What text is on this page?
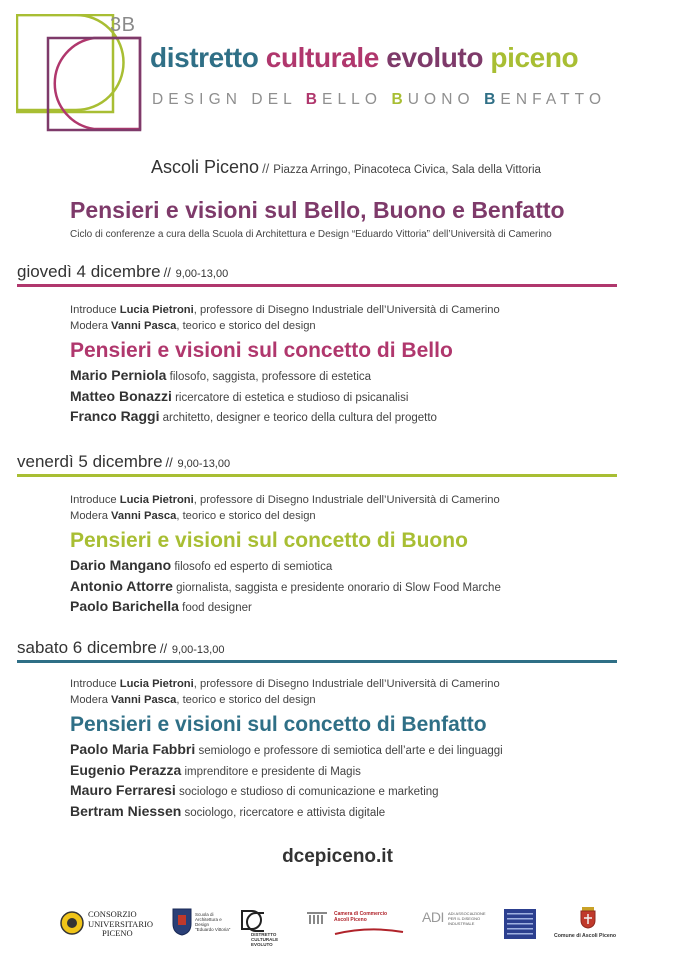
3B
distretto culturale evoluto piceno
DESIGN DEL BELLO BUONO BENFATTO
Ascoli Piceno // Piazza Arringo, Pinacoteca Civica, Sala della Vittoria
Pensieri e visioni sul Bello, Buono e Benfatto
Ciclo di conferenze a cura della Scuola di Architettura e Design “Eduardo Vittoria” dell’Università di Camerino
giovedì 4 dicembre // 9,00-13,00
Introduce Lucia Pietroni, professore di Disegno Industriale dell’Università di Camerino
Modera Vanni Pasca, teorico e storico del design
Pensieri e visioni sul concetto di Bello
Mario Perniola filosofo, saggista, professore di estetica
Matteo Bonazzi ricercatore di estetica e studioso di psicanalisi
Franco Raggi architetto, designer e teorico della cultura del progetto
venerdì 5 dicembre // 9,00-13,00
Introduce Lucia Pietroni, professore di Disegno Industriale dell’Università di Camerino
Modera Vanni Pasca, teorico e storico del design
Pensieri e visioni sul concetto di Buono
Dario Mangano filosofo ed esperto di semiotica
Antonio Attorre giornalista, saggista e presidente onorario di Slow Food Marche
Paolo Barichella food designer
sabato 6 dicembre // 9,00-13,00
Introduce Lucia Pietroni, professore di Disegno Industriale dell’Università di Camerino
Modera Vanni Pasca, teorico e storico del design
Pensieri e visioni sul concetto di Benfatto
Paolo Maria Fabbri semiologo e professore di semiotica dell’arte e dei linguaggi
Eugenio Perazza imprenditore e presidente di Magis
Mauro Ferraresi sociologo e studioso di comunicazione e marketing
Bertram Niessen sociologo, ricercatore e attivista digitale
dcepiceno.it
CONSORZIO
UNIVERSITARIO
PICENO
Scuola di
Architettura e
Design
"Eduardo Vittoria"
DISTRETTO
CULTURALE
EVOLUTO
Camera di Commercio
Ascoli Piceno	ADI ADI ASSOCIAZIONE
PER IL DISEGNO
INDUSTRIALE
Comune di Ascoli Piceno
